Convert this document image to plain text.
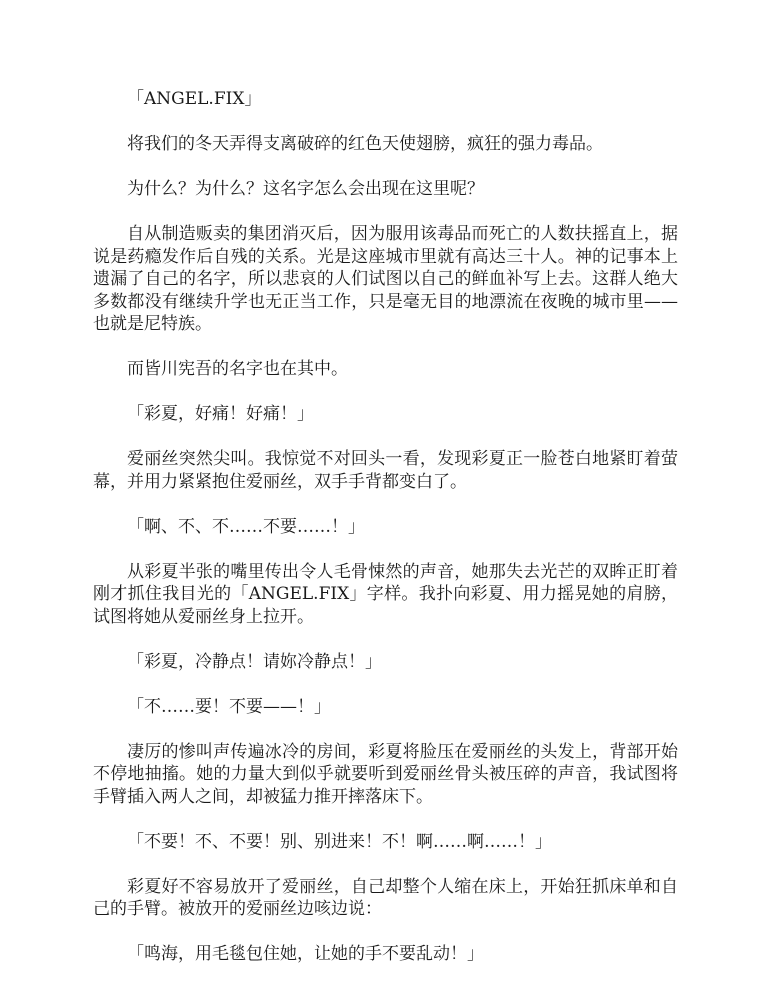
「ANGEL.FIX」

将我们的冬天弄得支离破碎的红色天使翅膀，疯狂的强力毒品。

为什么？为什么？这名字怎么会出现在这里呢？

自从制造贩卖的集团消灭后，因为服用该毒品而死亡的人数扶摇直上，据说是药瘾发作后自残的关系。光是这座城市里就有高达三十人。神的记事本上遗漏了自己的名字，所以悲哀的人们试图以自己的鲜血补写上去。这群人绝大多数都没有继续升学也无正当工作，只是毫无目的地漂流在夜晚的城市里——也就是尼特族。

而皆川宪吾的名字也在其中。

「彩夏，好痛！好痛！」

爱丽丝突然尖叫。我惊觉不对回头一看，发现彩夏正一脸苍白地紧盯着萤幕，并用力紧紧抱住爱丽丝，双手手背都变白了。

「啊、不、不……不要……！」

从彩夏半张的嘴里传出令人毛骨悚然的声音，她那失去光芒的双眸正盯着刚才抓住我目光的「ANGEL.FIX」字样。我扑向彩夏、用力摇晃她的肩膀，试图将她从爱丽丝身上拉开。

「彩夏，冷静点！请妳冷静点！」

「不……要！不要——！」

凄厉的惨叫声传遍冰冷的房间，彩夏将脸压在爱丽丝的头发上，背部开始不停地抽搐。她的力量大到似乎就要听到爱丽丝骨头被压碎的声音，我试图将手臂插入两人之间，却被猛力推开摔落床下。

「不要！不、不要！别、别进来！不！啊……啊……！」

彩夏好不容易放开了爱丽丝，自己却整个人缩在床上，开始狂抓床单和自己的手臂。被放开的爱丽丝边咳边说：

「鸣海，用毛毯包住她，让她的手不要乱动！」
